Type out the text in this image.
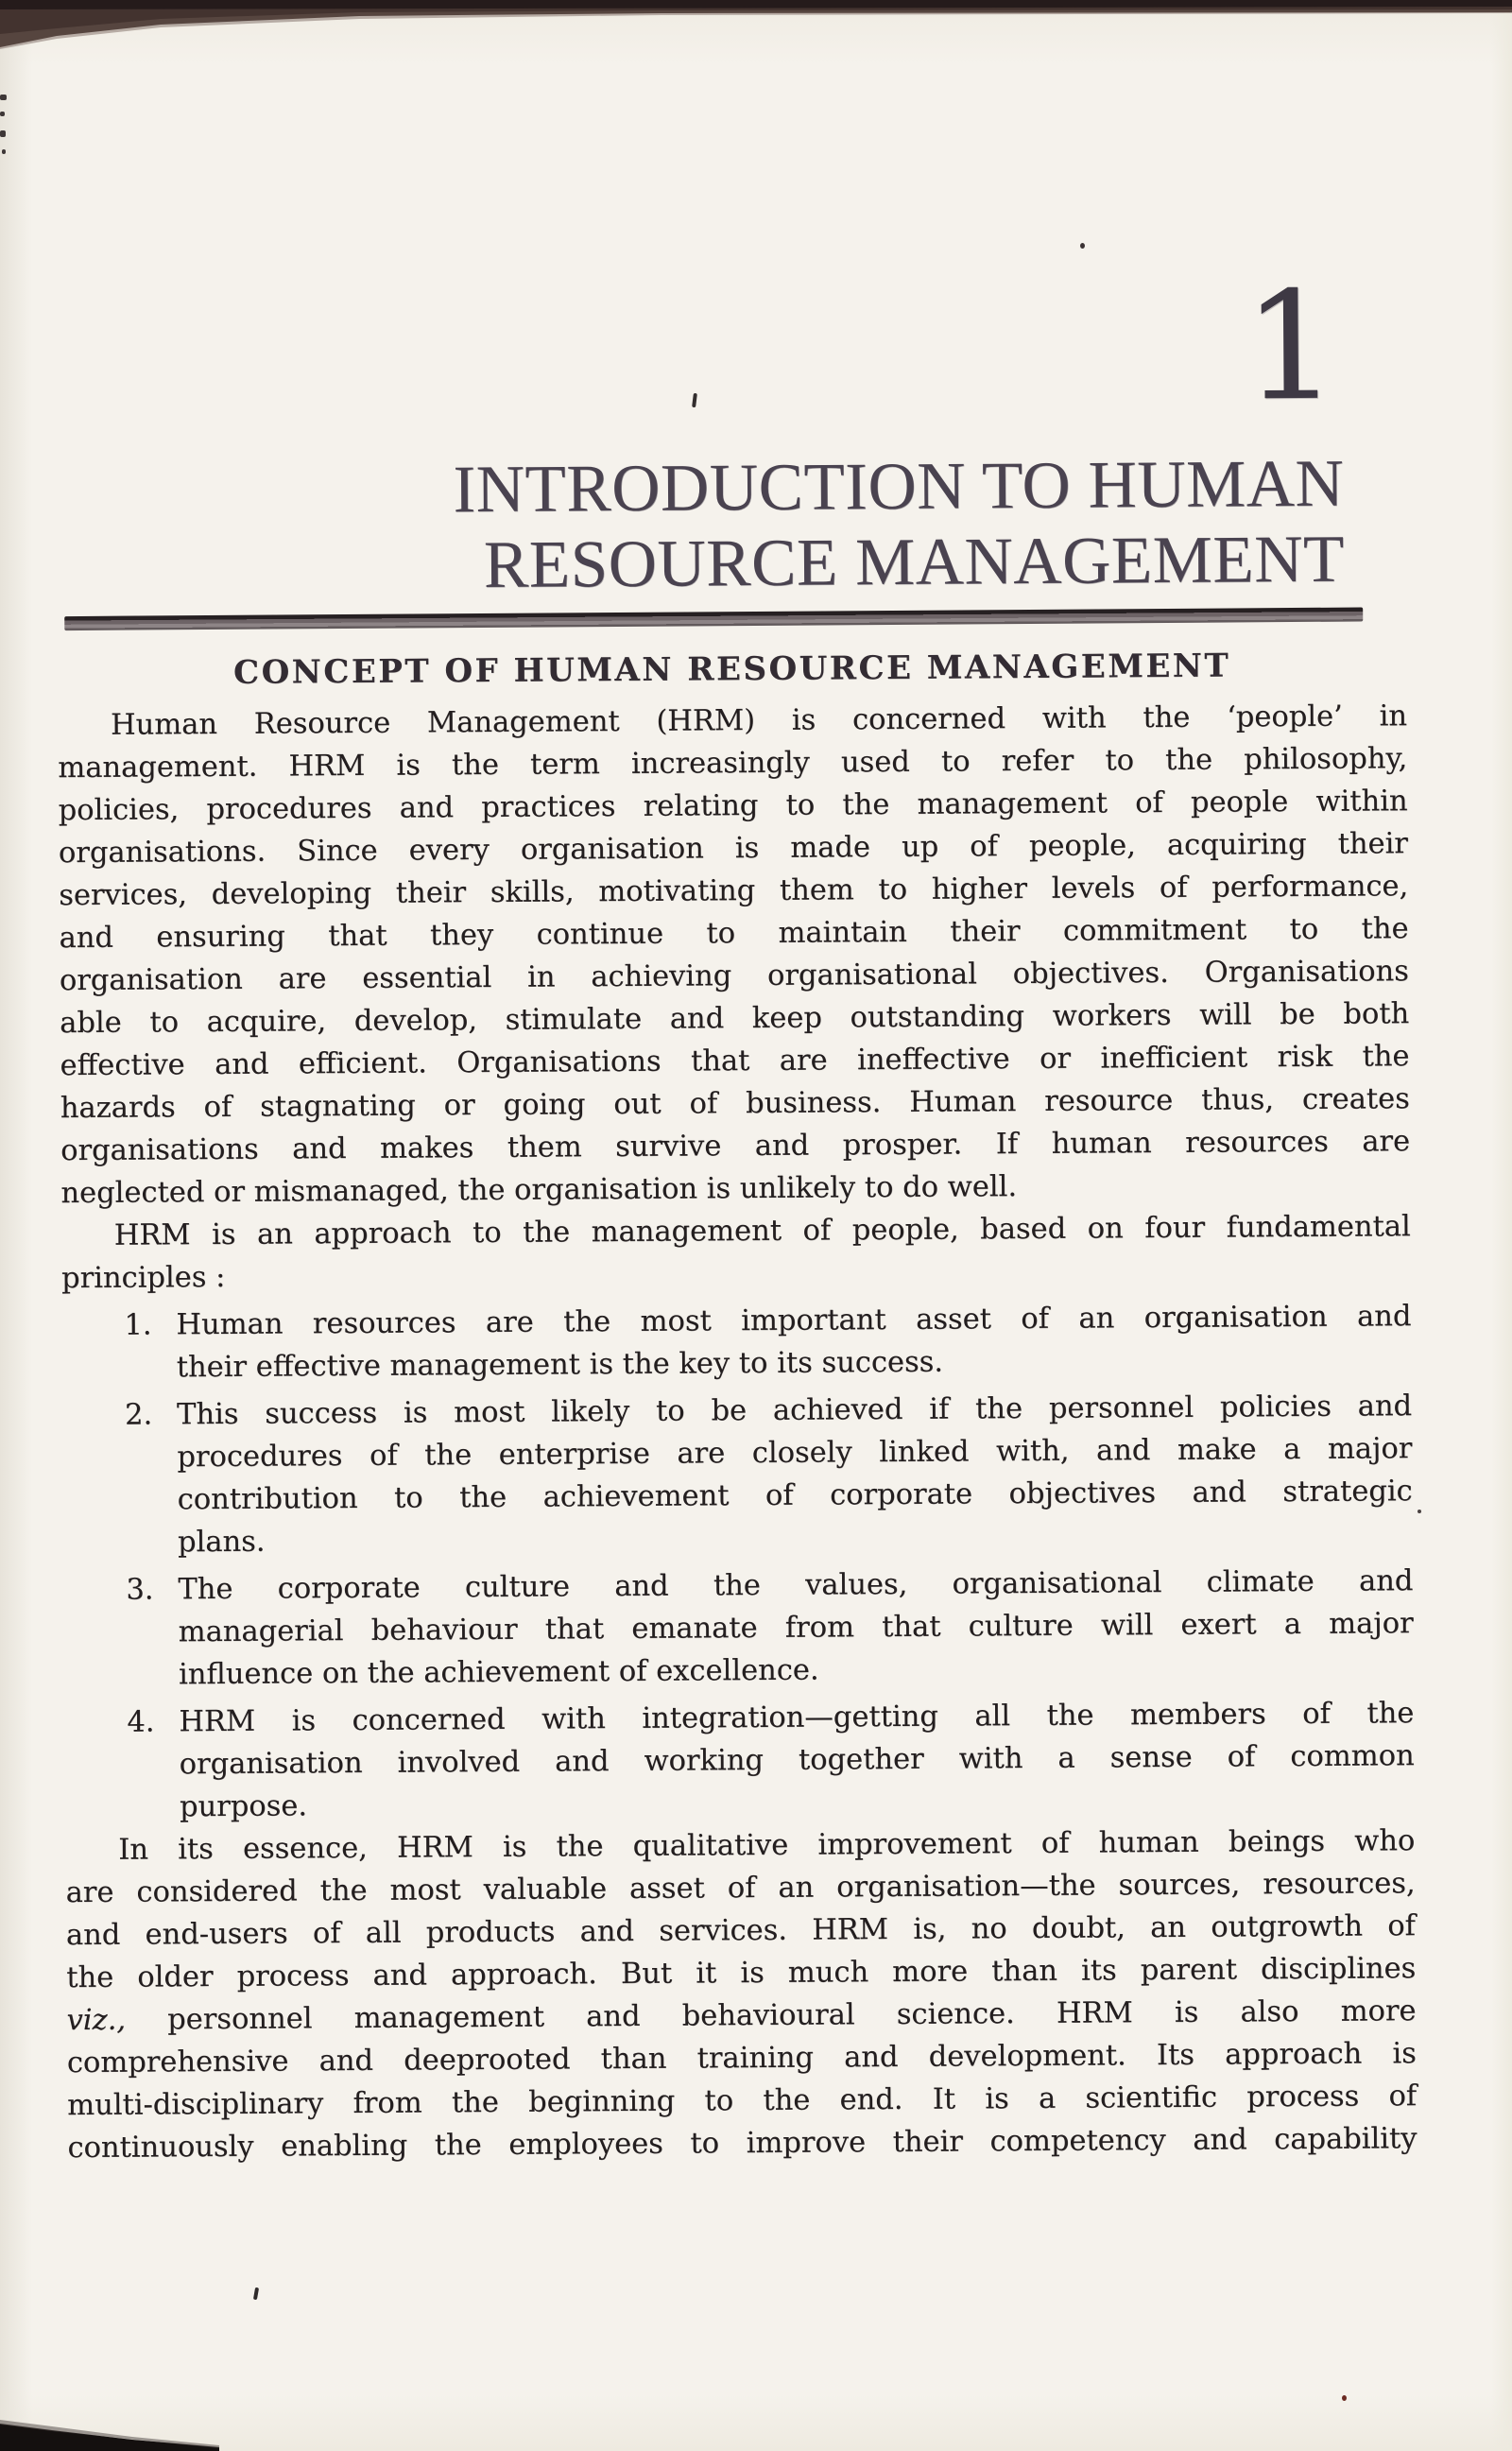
1
INTRODUCTION TO HUMAN
RESOURCE MANAGEMENT
CONCEPT OF HUMAN RESOURCE MANAGEMENT
Human Resource Management (HRM) is concerned with the ‘people’ in
management. HRM is the term increasingly used to refer to the philosophy,
policies, procedures and practices relating to the management of people within
organisations. Since every organisation is made up of people, acquiring their
services, developing their skills, motivating them to higher levels of performance,
and ensuring that they continue to maintain their commitment to the
organisation are essential in achieving organisational objectives. Organisations
able to acquire, develop, stimulate and keep outstanding workers will be both
effective and efficient. Organisations that are ineffective or inefficient risk the
hazards of stagnating or going out of business. Human resource thus, creates
organisations and makes them survive and prosper. If human resources are
neglected or mismanaged, the organisation is unlikely to do well.
HRM is an approach to the management of people, based on four fundamental
principles :
1. Human resources are the most important asset of an organisation and
their effective management is the key to its success.
2. This success is most likely to be achieved if the personnel policies and
procedures of the enterprise are closely linked with, and make a major
contribution to the achievement of corporate objectives and strategic
plans.
3. The corporate culture and the values, organisational climate and
managerial behaviour that emanate from that culture will exert a major
influence on the achievement of excellence.
4. HRM is concerned with integration—getting all the members of the
organisation involved and working together with a sense of common
purpose.
In its essence, HRM is the qualitative improvement of human beings who
are considered the most valuable asset of an organisation—the sources, resources,
and end-users of all products and services. HRM is, no doubt, an outgrowth of
the older process and approach. But it is much more than its parent disciplines
viz., personnel management and behavioural science. HRM is also more
comprehensive and deeprooted than training and development. Its approach is
multi-disciplinary from the beginning to the end. It is a scientific process of
continuously enabling the employees to improve their competency and capability
